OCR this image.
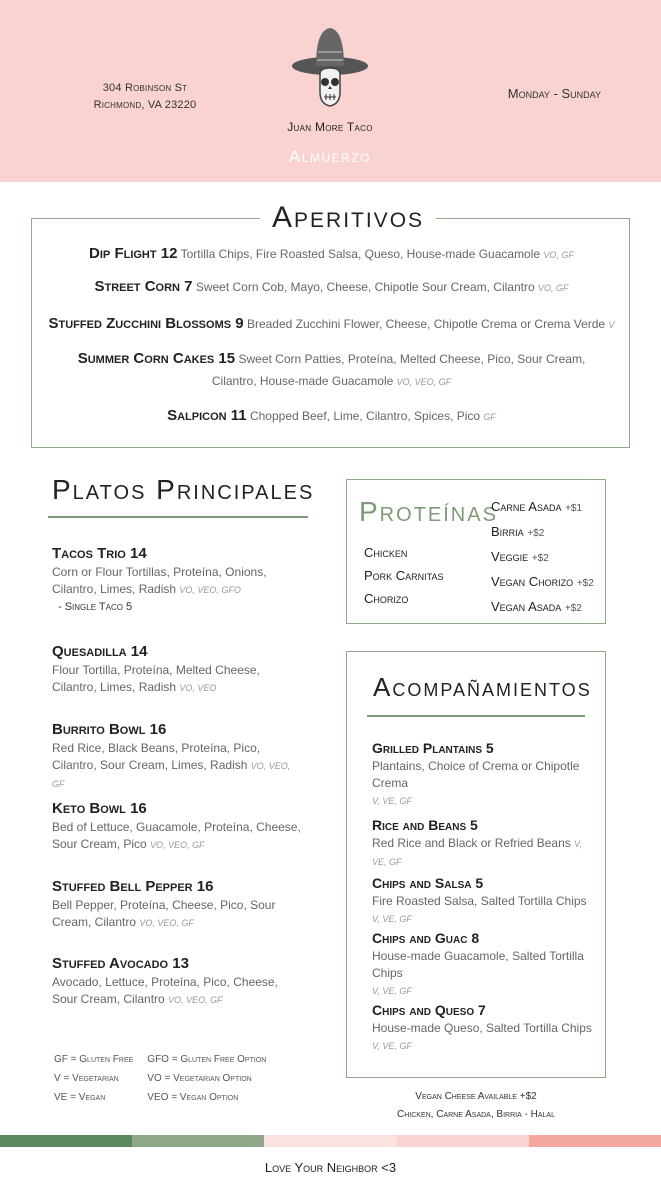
304 Robinson St
Richmond, VA 23220
Monday - Sunday
Juan More Taco
Almuerzo
Aperitivos
Dip Flight 12 Tortilla Chips, Fire Roasted Salsa, Queso, House-made Guacamole VO, GF
Street Corn 7 Sweet Corn Cob, Mayo, Cheese, Chipotle Sour Cream, Cilantro VO, GF
Stuffed Zucchini Blossoms 9 Breaded Zucchini Flower, Cheese, Chipotle Crema or Crema Verde V
Summer Corn Cakes 15 Sweet Corn Patties, Proteína, Melted Cheese, Pico, Sour Cream,
Cilantro, House-made Guacamole VO, VEO, GF
Salpicon 11 Chopped Beef, Lime, Cilantro, Spices, Pico GF
Platos Principales
Tacos Trio 14
Corn or Flour Tortillas, Proteína, Onions, Cilantro, Limes, Radish VO, VEO, GFO
- Single Taco 5
Quesadilla 14
Flour Tortilla, Proteína, Melted Cheese, Cilantro, Limes, Radish VO, VEO
Burrito Bowl 16
Red Rice, Black Beans, Proteína, Pico, Cilantro, Sour Cream, Limes, Radish VO, VEO, GF
Keto Bowl 16
Bed of Lettuce, Guacamole, Proteína, Cheese, Sour Cream, Pico VO, VEO, GF
Stuffed Bell Pepper 16
Bell Pepper, Proteína, Cheese, Pico, Sour Cream, Cilantro VO, VEO, GF
Stuffed Avocado 13
Avocado, Lettuce, Proteína, Pico, Cheese, Sour Cream, Cilantro VO, VEO, GF
Proteínas
Chicken
Pork Carnitas
Chorizo
Carne Asada +$1
Birria +$2
Veggie +$2
Vegan Chorizo +$2
Vegan Asada +$2
Acompañamientos
Grilled Plantains 5
Plantains, Choice of Crema or Chipotle Crema
V, VE, GF
Rice and Beans 5
Red Rice and Black or Refried Beans V, VE, GF
Chips and Salsa 5
Fire Roasted Salsa, Salted Tortilla Chips V, VE, GF
Chips and Guac 8
House-made Guacamole, Salted Tortilla Chips
V, VE, GF
Chips and Queso 7
House-made Queso, Salted Tortilla Chips
V, VE, GF
GF = Gluten Free	GFO = Gluten Free Option
V = Vegetarian	VO = Vegetarian Option
VE = Vegan	VEO = Vegan Option	Vegan Cheese Available +$2
Chicken, Carne Asada, Birria - Halal
Love Your Neighbor <3
